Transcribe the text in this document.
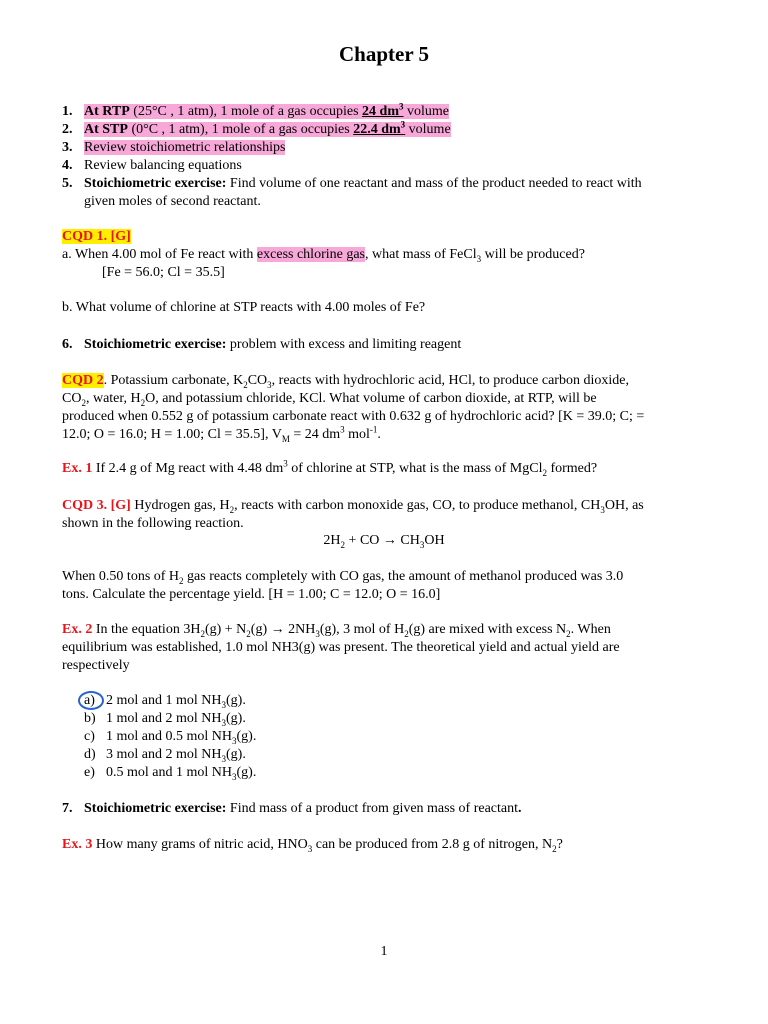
Chapter 5
1. At RTP (25°C , 1 atm), 1 mole of a gas occupies 24 $dm^3$ volume
2. At STP (0°C , 1 atm), 1 mole of a gas occupies 22.4 $dm^3$ volume
3. Review stoichiometric relationships
4. Review balancing equations
5. Stoichiometric exercise: Find volume of one reactant and mass of the product needed to react with
given moles of second reactant.
CQD 1. [G]
a. When 4.00 mol of Fe react with excess chlorine gas, what mass of FeCl$_3$ will be produced?
[Fe = 56.0; Cl = 35.5]
b. What volume of chlorine at STP reacts with 4.00 moles of Fe?
6. Stoichiometric exercise: problem with excess and limiting reagent
CQD 2. Potassium carbonate, $K_2CO_3$, reacts with hydrochloric acid, HCl, to produce carbon dioxide,
$CO_2$, water, $H_2O$, and potassium chloride, KCl. What volume of carbon dioxide, at RTP, will be
produced when 0.552 g of potassium carbonate react with 0.632 g of hydrochloric acid? [K = 39.0; C; =
12.0; O = 16.0; H = 1.00; Cl = 35.5], $V_M = 24$ $dm^3$ mol$^{-1}$.
Ex. 1 If 2.4 g of Mg react with 4.48 $dm^3$ of chlorine at STP, what is the mass of MgCl$_2$ formed?
CQD 3. [G] Hydrogen gas, $H_2$, reacts with carbon monoxide gas, CO, to produce methanol, $CH_3OH$, as
shown in the following reaction.
$2H_2$ + CO → $CH_3OH$
When 0.50 tons of $H_2$ gas reacts completely with CO gas, the amount of methanol produced was 3.0
tons. Calculate the percentage yield. [H = 1.00; C = 12.0; O = 16.0]
Ex. 2 In the equation $3H_2(g) + N_2(g) \to 2NH_3(g)$, 3 mol of $H_2(g)$ are mixed with excess $N_2$. When
equilibrium was established, 1.0 mol NH3(g) was present. The theoretical yield and actual yield are
respectively
a) 2 mol and 1 mol $NH_3(g)$.
b) 1 mol and 2 mol $NH_3(g)$.
c) 1 mol and 0.5 mol $NH_3(g)$.
d) 3 mol and 2 mol $NH_3(g)$.
e) 0.5 mol and 1 mol $NH_3(g)$.
7. Stoichiometric exercise: Find mass of a product from given mass of reactant.
Ex. 3 How many grams of nitric acid, $HNO_3$ can be produced from 2.8 g of nitrogen, $N_2$?
1
